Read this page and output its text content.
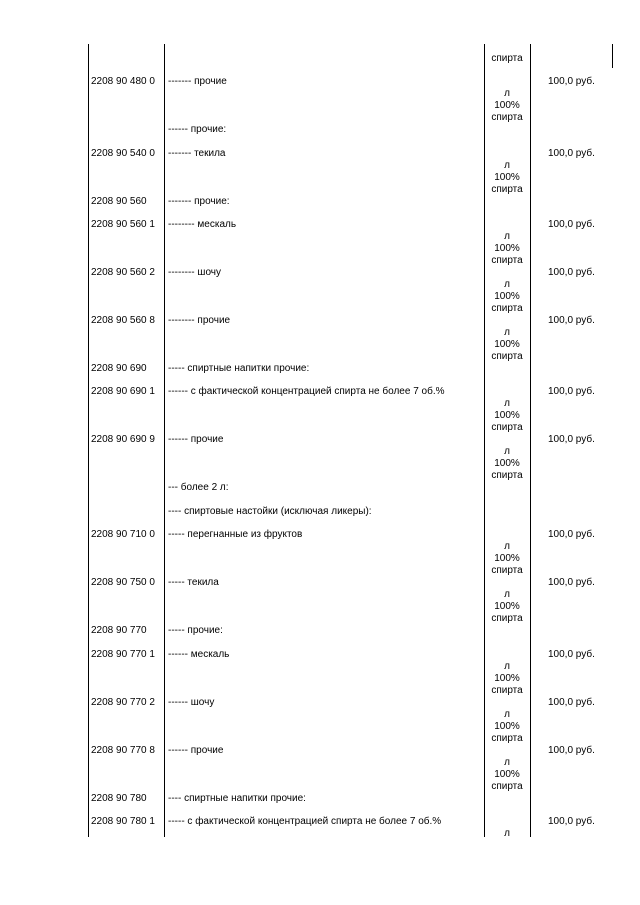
спирта
2208 90 480 0 ------- прочие
л
100%
спирта
100,0 руб.
------ прочие:
2208 90 540 0 ------- текила
л
100%
спирта
100,0 руб.
2208 90 560 ------- прочие:
2208 90 560 1 -------- мескаль
л
100%
спирта
100,0 руб.
2208 90 560 2 -------- шочу
л
100%
спирта
100,0 руб.
2208 90 560 8 -------- прочие
л
100%
спирта
100,0 руб.
2208 90 690 ----- спиртные напитки прочие:
2208 90 690 1 ------ с фактической концентрацией спирта не более 7 об.%
л
100%
спирта
100,0 руб.
2208 90 690 9 ------ прочие
л
100%
спирта
100,0 руб.
--- более 2 л:
---- спиртовые настойки (исключая ликеры):
2208 90 710 0 ----- перегнанные из фруктов
л
100%
спирта
100,0 руб.
2208 90 750 0 ----- текила
л
100%
спирта
100,0 руб.
2208 90 770 ----- прочие:
2208 90 770 1 ------ мескаль
л
100%
спирта
100,0 руб.
2208 90 770 2 ------ шочу
л
100%
спирта
100,0 руб.
2208 90 770 8 ------ прочие
л
100%
спирта
100,0 руб.
2208 90 780 ---- спиртные напитки прочие:
2208 90 780 1 ----- с фактической концентрацией спирта не более 7 об.%
л
100,0 руб.
